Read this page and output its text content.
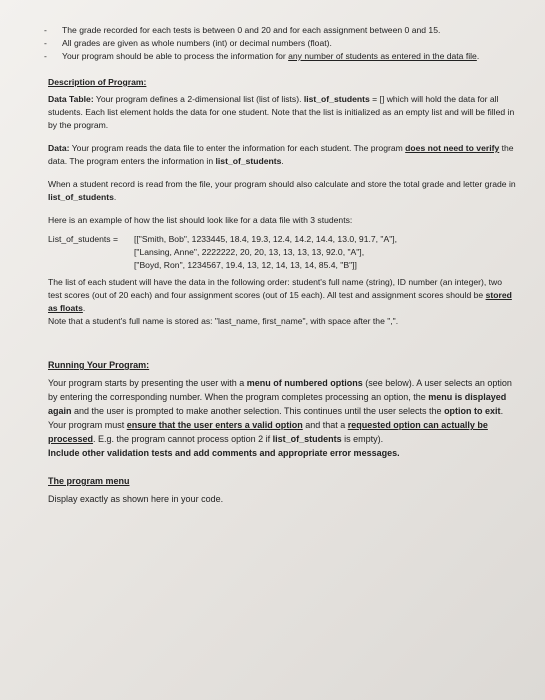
- The grade recorded for each tests is between 0 and 20 and for each assignment between 0 and 15.
- All grades are given as whole numbers (int) or decimal numbers (float).
- Your program should be able to process the information for any number of students as entered in the data file.
Description of Program:

Data Table: Your program defines a 2-dimensional list (list of lists). list_of_students = [] which will hold the data for all students. Each list element holds the data for one student. Note that the list is initialized as an empty list and will be filled in by the program.

Data: Your program reads the data file to enter the information for each student. The program does not need to verify the data. The program enters the information in list_of_students.

When a student record is read from the file, your program should also calculate and store the total grade and letter grade in list_of_students.

Here is an example of how the list should look like for a data file with 3 students:

List_of_students =	[["Smith, Bob", 1233445, 18.4, 19.3, 12.4, 14.2, 14.4, 13.0, 91.7, "A"],
["Lansing, Anne", 2222222, 20, 20, 13, 13, 13, 13, 92.0, "A"],
["Boyd, Ron", 1234567, 19.4, 13, 12, 14, 13, 14, 85.4, "B"]]

The list of each student will have the data in the following order: student's full name (string), ID number (an integer), two test scores (out of 20 each) and four assignment scores (out of 15 each). All test and assignment scores should be stored as floats.

Note that a student's full name is stored as: "last_name, first_name", with space after the ",".

Running Your Program:

Your program starts by presenting the user with a menu of numbered options (see below). A user selects an option by entering the corresponding number. When the program completes processing an option, the menu is displayed again and the user is prompted to make another selection. This continues until the user selects the option to exit.

Your program must ensure that the user enters a valid option and that a requested option can actually be processed. E.g. the program cannot process option 2 if list_of_students is empty).

Include other validation tests and add comments and appropriate error messages.

The program menu

Display exactly as shown here in your code.
